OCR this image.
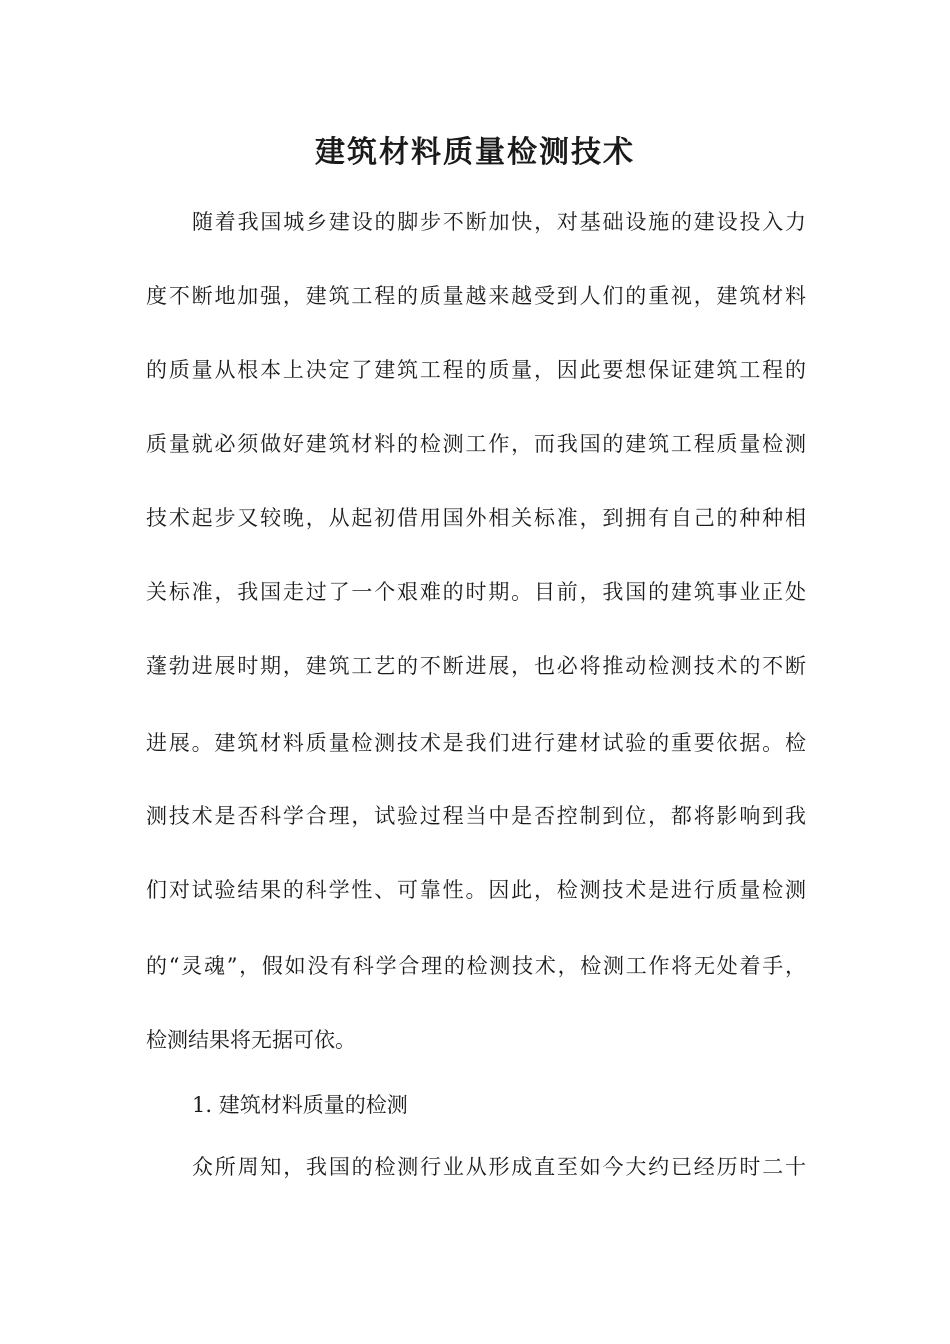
建筑材料质量检测技术
随着我国城乡建设的脚步不断加快，对基础设施的建设投入力
度不断地加强，建筑工程的质量越来越受到人们的重视，建筑材料
的质量从根本上决定了建筑工程的质量，因此要想保证建筑工程的
质量就必须做好建筑材料的检测工作，而我国的建筑工程质量检测
技术起步又较晚，从起初借用国外相关标准，到拥有自己的种种相
关标准，我国走过了一个艰难的时期。目前，我国的建筑事业正处
蓬勃进展时期，建筑工艺的不断进展，也必将推动检测技术的不断
进展。建筑材料质量检测技术是我们进行建材试验的重要依据。检
测技术是否科学合理，试验过程当中是否控制到位，都将影响到我
们对试验结果的科学性、可靠性。因此，检测技术是进行质量检测
的“灵魂”，假如没有科学合理的检测技术，检测工作将无处着手，
检测结果将无据可依。
1. 建筑材料质量的检测
众所周知，我国的检测行业从形成直至如今大约已经历时二十
